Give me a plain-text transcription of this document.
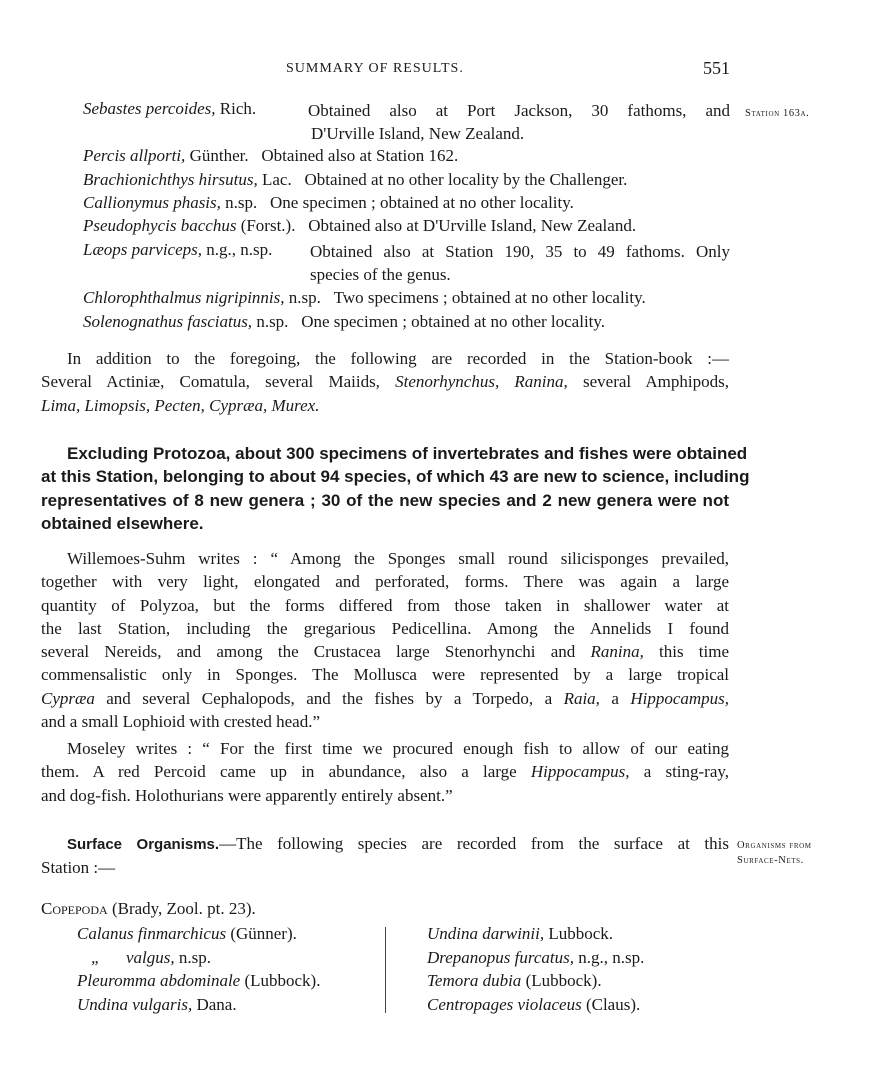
SUMMARY OF RESULTS.	551
Station 163a.
Sebastes percoides, Rich.	Obtained also at Port Jackson, 30 fathoms, and
D'Urville Island, New Zealand.
Percis allporti, Günther. Obtained also at Station 162.
Brachionichthys hirsutus, Lac. Obtained at no other locality by the Challenger.
Callionymus phasis, n.sp. One specimen ; obtained at no other locality.
Pseudophycis bacchus (Forst.). Obtained also at D'Urville Island, New Zealand.
Læops parviceps, n.g., n.sp. Obtained also at Station 190, 35 to 49 fathoms. Only
species of the genus.
Chlorophthalmus nigripinnis, n.sp. Two specimens ; obtained at no other locality.
Solenognathus fasciatus, n.sp. One specimen ; obtained at no other locality.
In addition to the foregoing, the following are recorded in the Station-book :—
Several Actiniæ, Comatula, several Maiids, Stenorhynchus, Ranina, several Amphipods,
Lima, Limopsis, Pecten, Cypræa, Murex.
Excluding Protozoa, about 300 specimens of invertebrates and fishes were obtained
at this Station, belonging to about 94 species, of which 43 are new to science, including
representatives of 8 new genera ; 30 of the new species and 2 new genera were not
obtained elsewhere.
Willemoes-Suhm writes : “ Among the Sponges small round silicisponges prevailed,
together with very light, elongated and perforated, forms. There was again a large
quantity of Polyzoa, but the forms differed from those taken in shallower water at
the last Station, including the gregarious Pedicellina. Among the Annelids I found
several Nereids, and among the Crustacea large Stenorhynchi and Ranina, this time
commensalistic only in Sponges. The Mollusca were represented by a large tropical
Cypræa and several Cephalopods, and the fishes by a Torpedo, a Raia, a Hippocampus,
and a small Lophioid with crested head.”
Moseley writes : “ For the first time we procured enough fish to allow of our eating
them. A red Percoid came up in abundance, also a large Hippocampus, a sting-ray,
and dog-fish. Holothurians were apparently entirely absent.”
Surface Organisms.—The following species are recorded from the surface at this
Station :—
Organisms from
Surface-Nets.
Copepoda (Brady, Zool. pt. 23).
Calanus finmarchicus (Günner).
„      valgus, n.sp.
Pleuromma abdominale (Lubbock).
Undina vulgaris, Dana.
Undina darwinii, Lubbock.
Drepanopus furcatus, n.g., n.sp.
Temora dubia (Lubbock).
Centropages violaceus (Claus).
